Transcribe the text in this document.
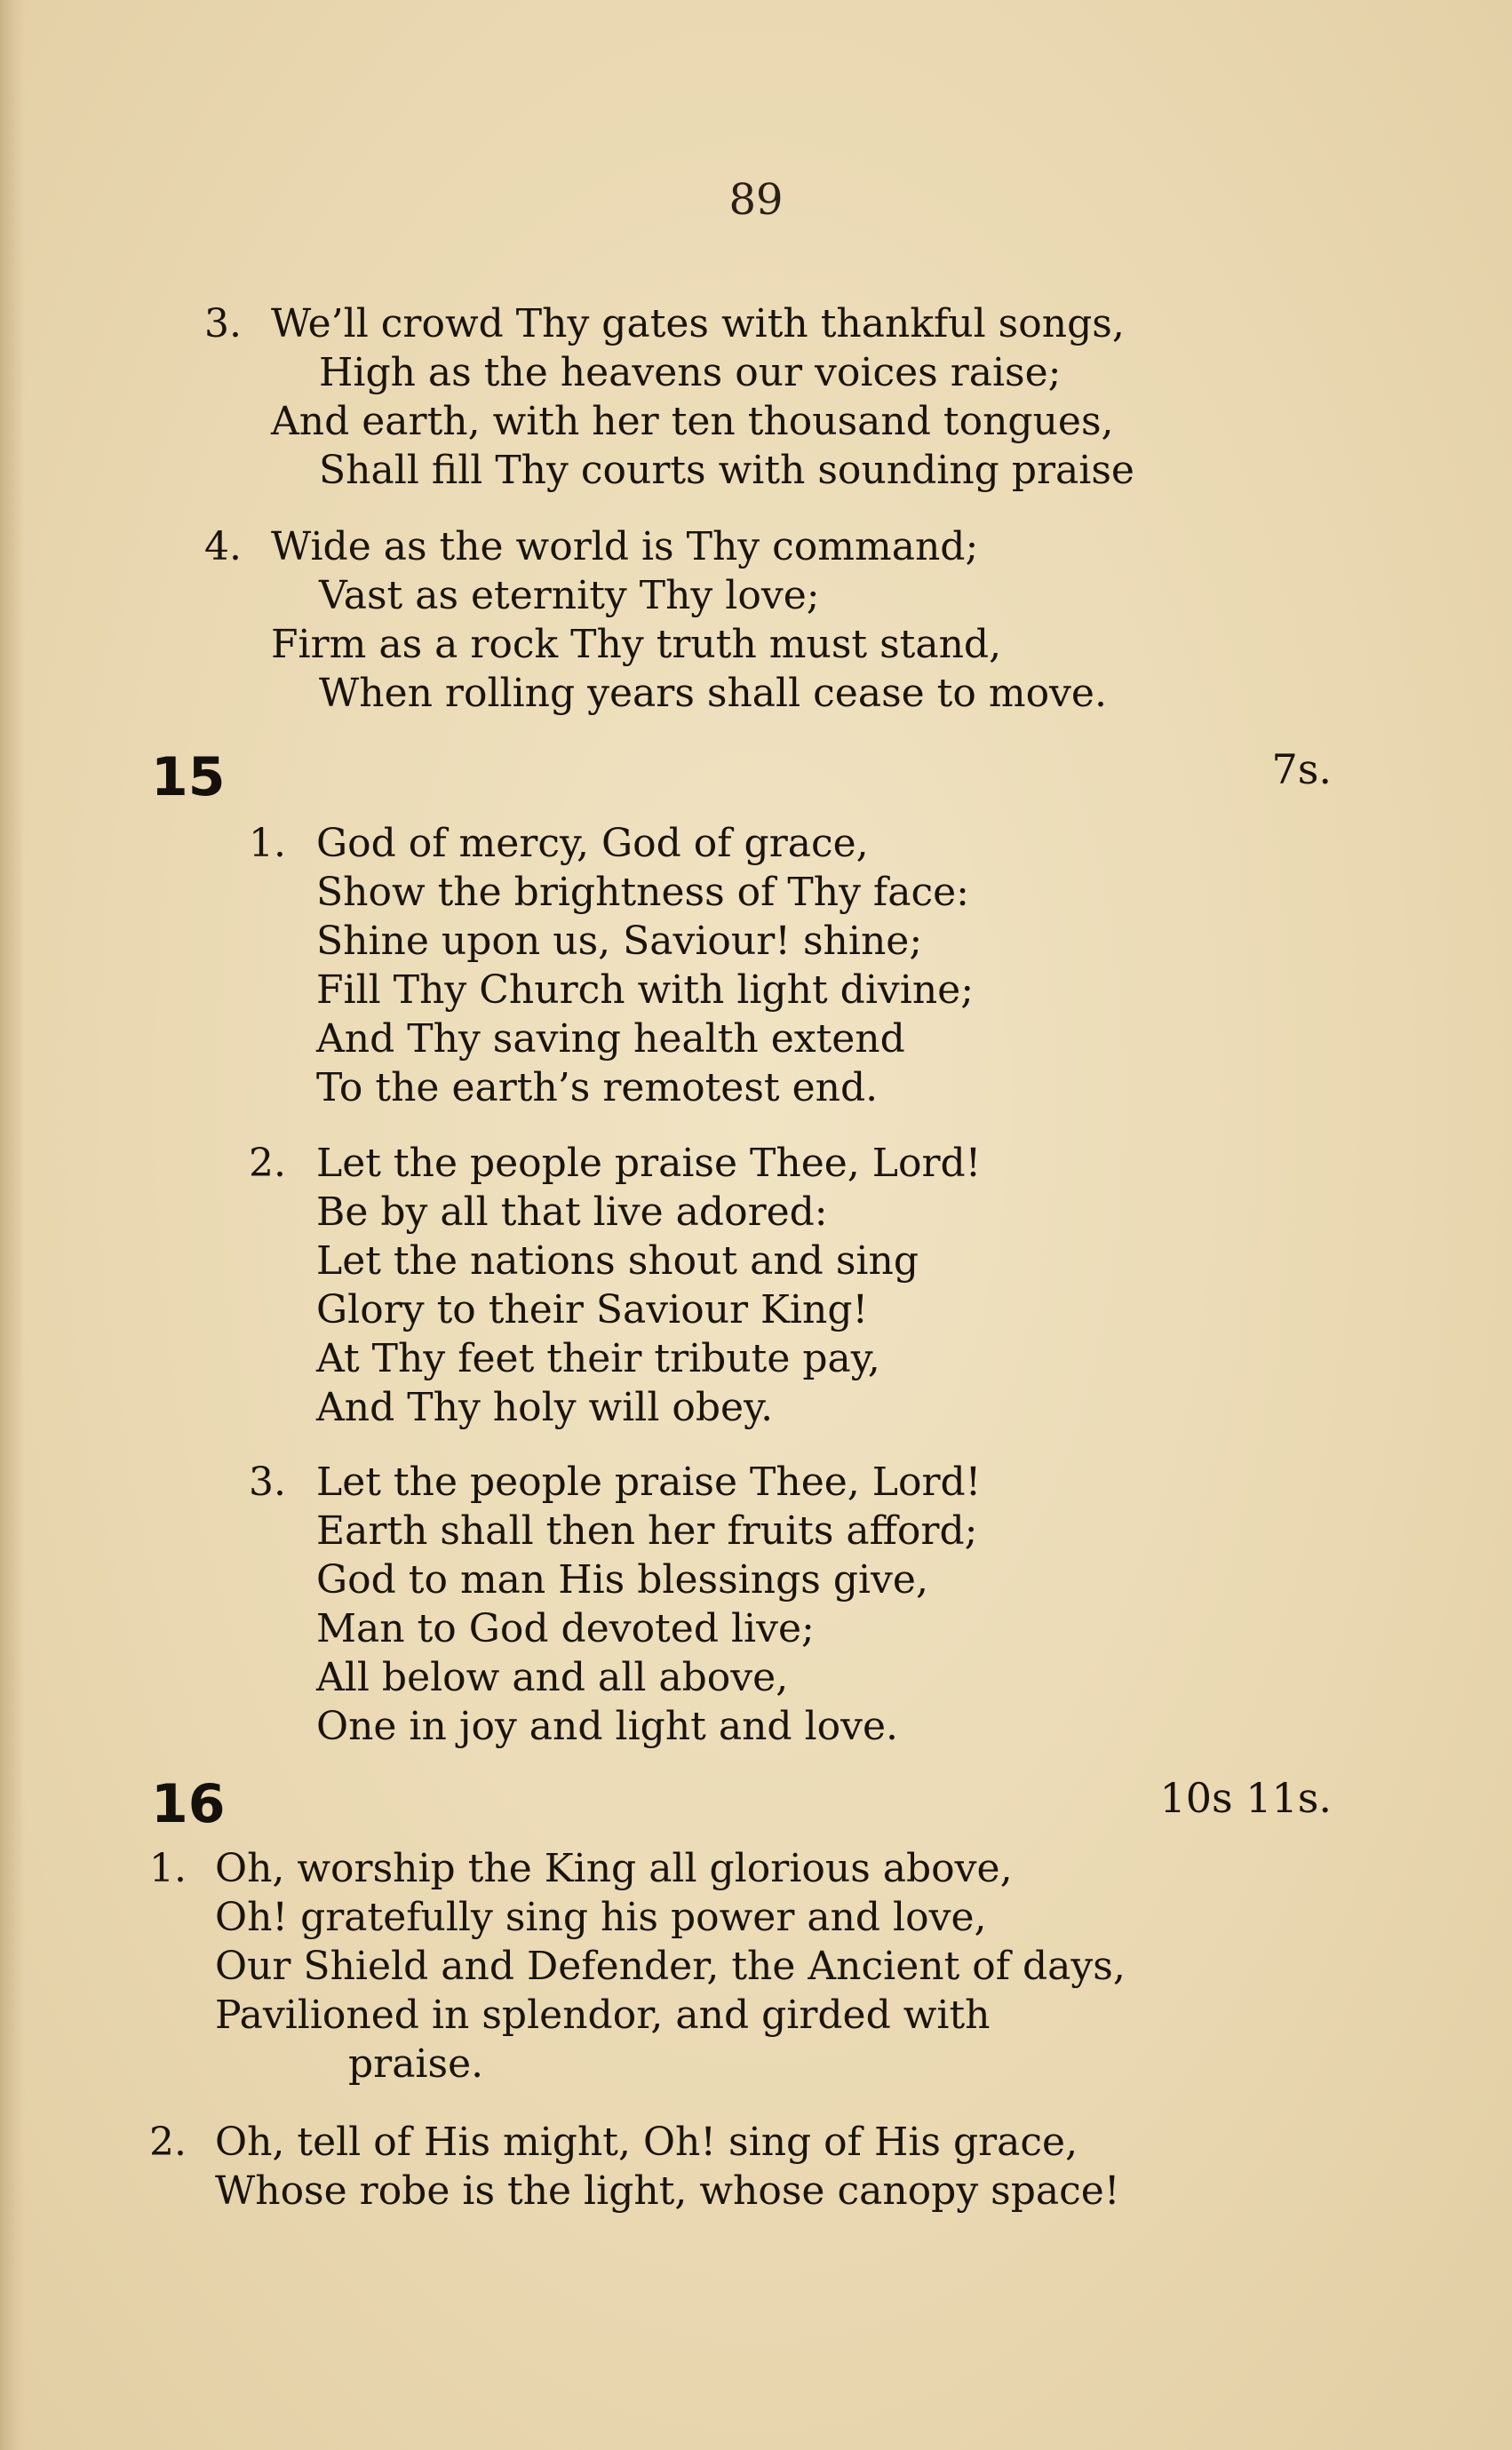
89
3. We’ll crowd Thy gates with thankful songs,
High as the heavens our voices raise;
And earth, with her ten thousand tongues,
Shall fill Thy courts with sounding praise
4. Wide as the world is Thy command;
Vast as eternity Thy love;
Firm as a rock Thy truth must stand,
When rolling years shall cease to move.
15	7s.
1. God of mercy, God of grace,
Show the brightness of Thy face:
Shine upon us, Saviour! shine;
Fill Thy Church with light divine;
And Thy saving health extend
To the earth’s remotest end.
2. Let the people praise Thee, Lord!
Be by all that live adored:
Let the nations shout and sing
Glory to their Saviour King!
At Thy feet their tribute pay,
And Thy holy will obey.
3. Let the people praise Thee, Lord!
Earth shall then her fruits afford;
God to man His blessings give,
Man to God devoted live;
All below and all above,
One in joy and light and love.
16	10s 11s.
1. Oh, worship the King all glorious above,
Oh! gratefully sing his power and love,
Our Shield and Defender, the Ancient of days,
Pavilioned in splendor, and girded with
praise.
2. Oh, tell of His might, Oh! sing of His grace,
Whose robe is the light, whose canopy space!
